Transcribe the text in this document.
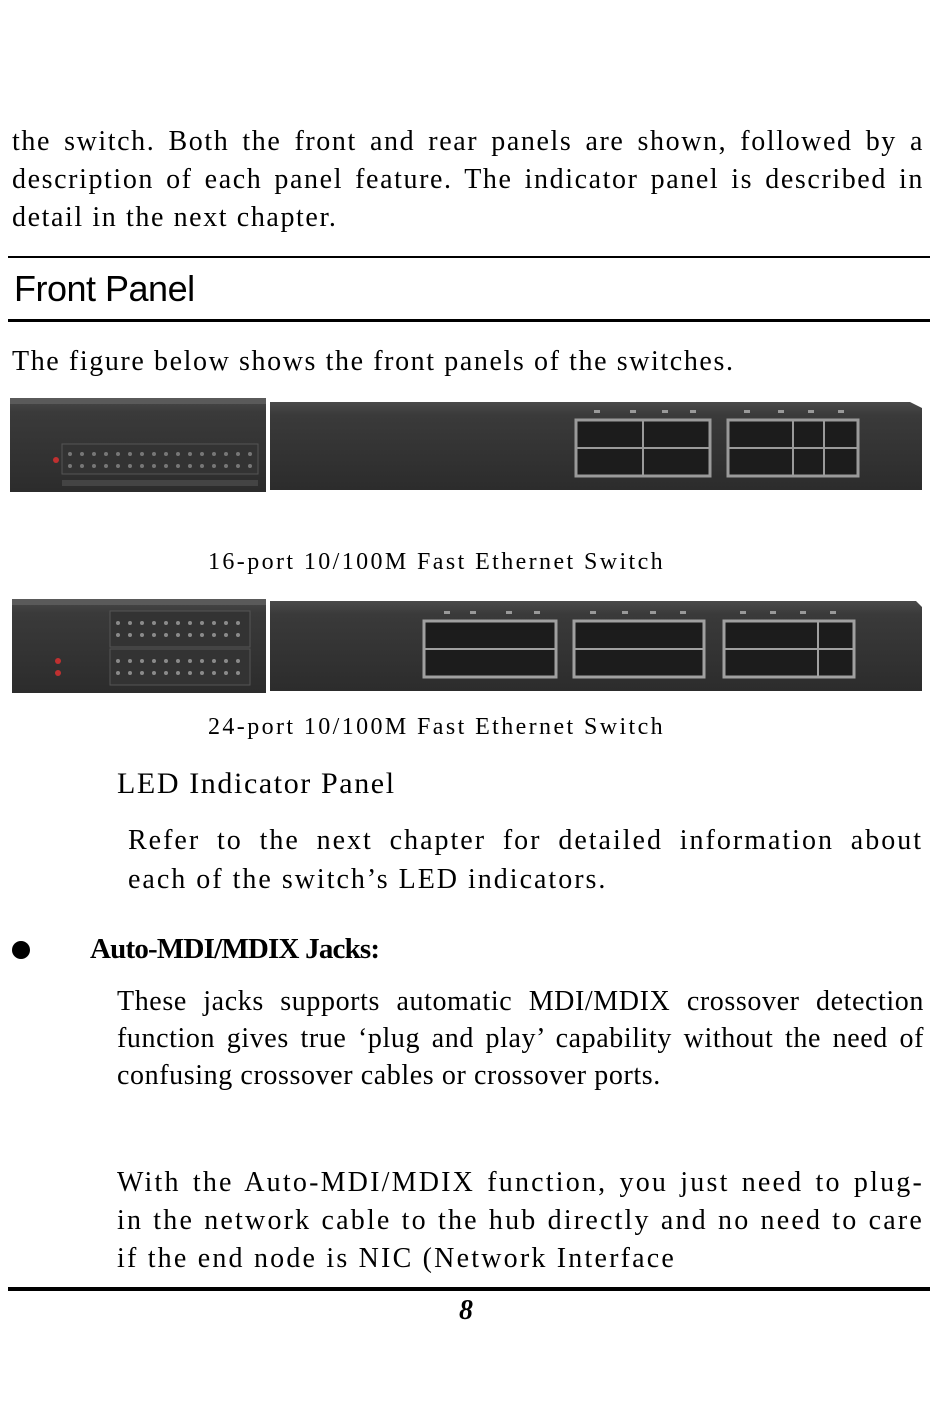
the switch. Both the front and rear panels are shown, followed by a description of each panel feature. The indicator panel is described in detail in the next chapter.

Front Panel

The figure below shows the front panels of the switches.

16-port 10/100M Fast Ethernet Switch

24-port 10/100M Fast Ethernet Switch

LED Indicator Panel

Refer to the next chapter for detailed information about each of the switch’s LED indicators.

Auto-MDI/MDIX Jacks:

These jacks supports automatic MDI/MDIX crossover detection function gives true ‘plug and play’ capability without the need of confusing crossover cables or crossover ports.

With the Auto-MDI/MDIX function, you just need to plug-in the network cable to the hub directly and no need to care if the end node is NIC (Network Interface

8
